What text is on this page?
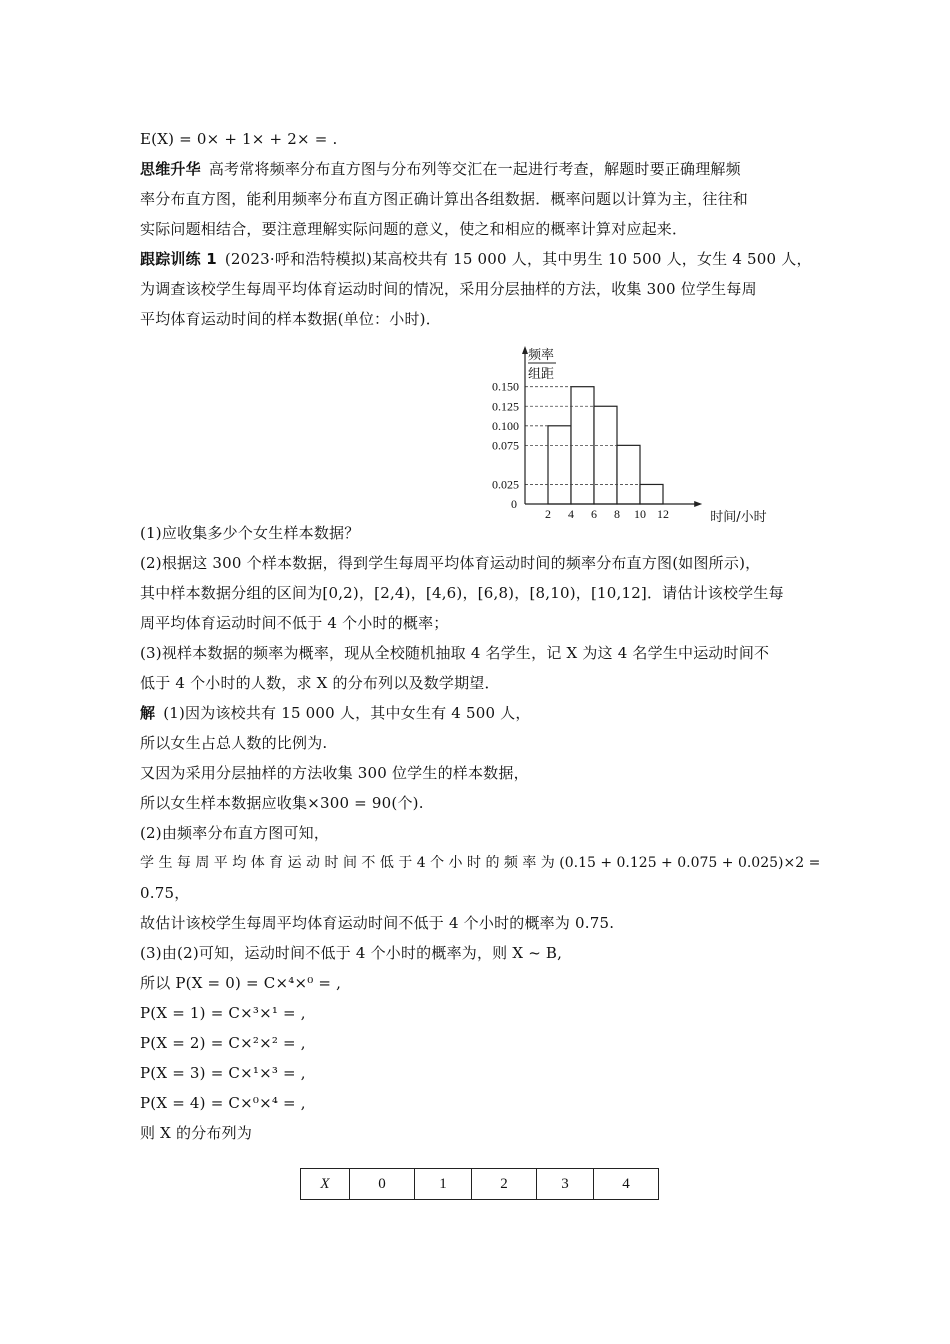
E(X) = 0× + 1× + 2× = .
思维升华 高考常将频率分布直方图与分布列等交汇在一起进行考查，解题时要正确理解频
率分布直方图，能利用频率分布直方图正确计算出各组数据．概率问题以计算为主，往往和
实际问题相结合，要注意理解实际问题的意义，使之和相应的概率计算对应起来．
跟踪训练 1 (2023·呼和浩特模拟)某高校共有 15 000 人，其中男生 10 500 人，女生 4 500 人，
为调查该校学生每周平均体育运动时间的情况，采用分层抽样的方法，收集 300 位学生每周
平均体育运动时间的样本数据(单位：小时)．
0.150
0.125
0.100
0.075
0.025
0
2 4 6 8 10 12	时间/小时
频率
组距
(1)应收集多少个女生样本数据？
(2)根据这 300 个样本数据，得到学生每周平均体育运动时间的频率分布直方图(如图所示)，
其中样本数据分组的区间为[0,2)，[2,4)，[4,6)，[6,8)，[8,10)，[10,12]．请估计该校学生每
周平均体育运动时间不低于 4 个小时的概率；
(3)视样本数据的频率为概率，现从全校随机抽取 4 名学生，记 X 为这 4 名学生中运动时间不
低于 4 个小时的人数，求 X 的分布列以及数学期望．
解 (1)因为该校共有 15 000 人，其中女生有 4 500 人，
所以女生占总人数的比例为.
又因为采用分层抽样的方法收集 300 位学生的样本数据，
所以女生样本数据应收集×300 = 90(个).
(2)由频率分布直方图可知，
学 生 每 周 平 均 体 育 运 动 时 间 不 低 于 4 个 小 时 的 频 率 为 (0.15 + 0.125 + 0.075 + 0.025)×2 =
0.75，
故估计该校学生每周平均体育运动时间不低于 4 个小时的概率为 0.75.
(3)由(2)可知，运动时间不低于 4 个小时的概率为，则 X ~ B,
所以 P(X = 0) = C×⁴×⁰ = ,
P(X = 1) = C×³×¹ = ,
P(X = 2) = C×²×² = ,
P(X = 3) = C×¹×³ = ,
P(X = 4) = C×⁰×⁴ = ,
则 X 的分布列为
X	0	1	2	3	4
